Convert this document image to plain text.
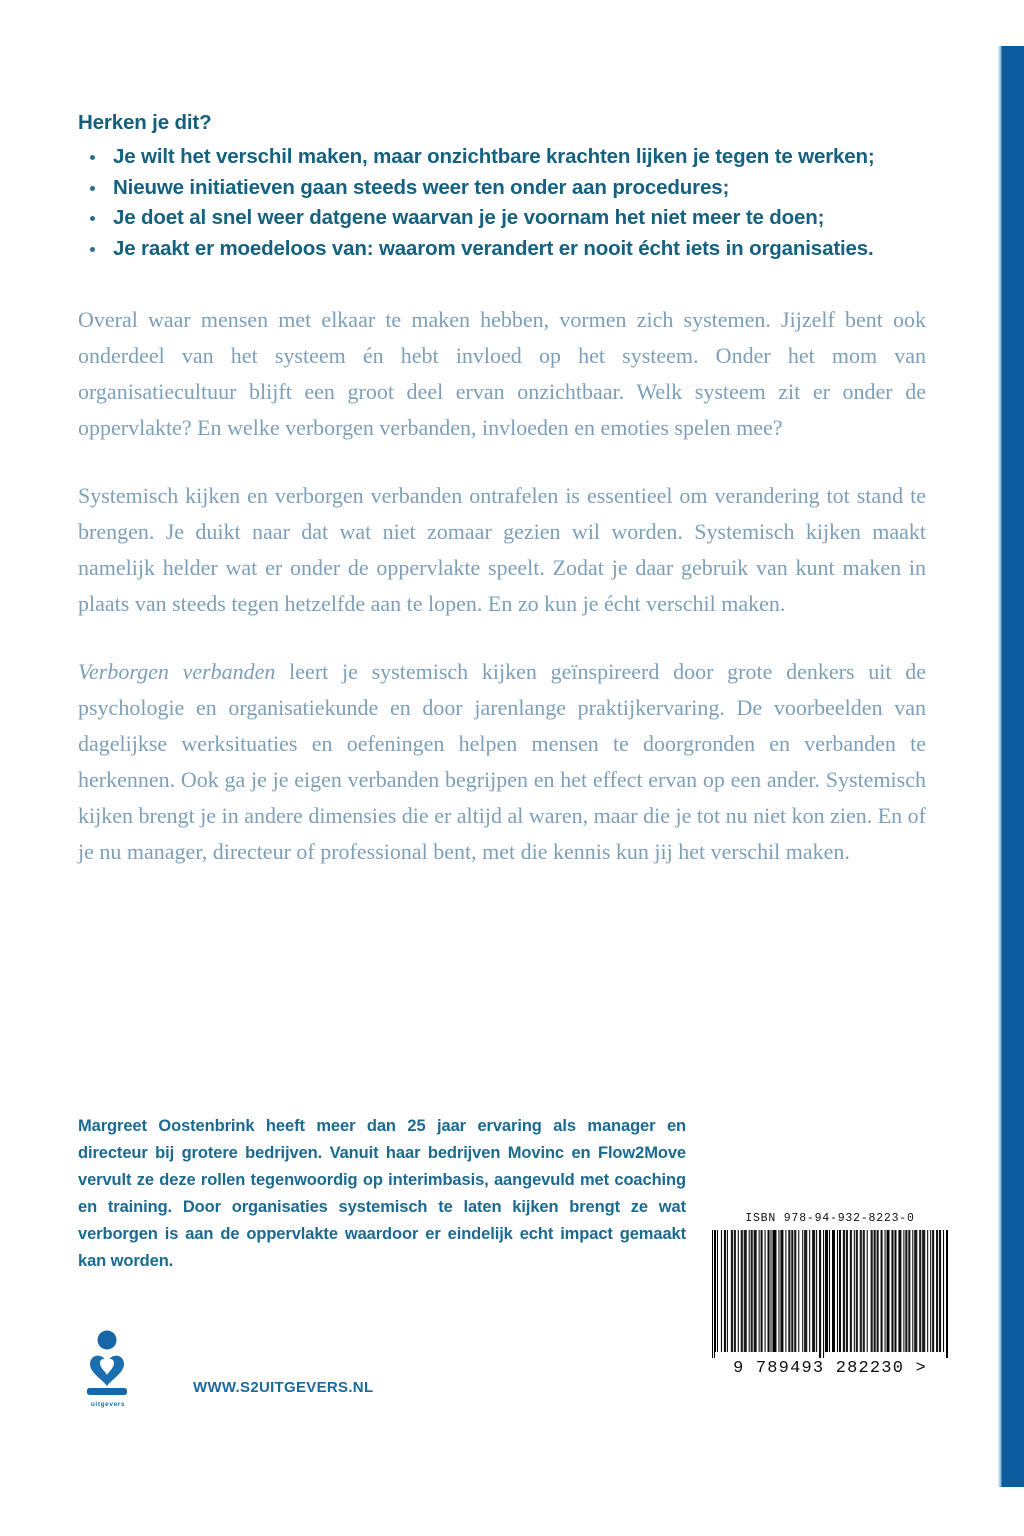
Herken je dit?

Je wilt het verschil maken, maar onzichtbare krachten lijken je tegen te werken;
Nieuwe initiatieven gaan steeds weer ten onder aan procedures;
Je doet al snel weer datgene waarvan je je voornam het niet meer te doen;
Je raakt er moedeloos van: waarom verandert er nooit écht iets in organisaties.

Overal waar mensen met elkaar te maken hebben, vormen zich systemen. Jijzelf bent ook onderdeel van het systeem én hebt invloed op het systeem. Onder het mom van organisatiecultuur blijft een groot deel ervan onzichtbaar. Welk systeem zit er onder de oppervlakte? En welke verborgen verbanden, invloeden en emoties spelen mee?

Systemisch kijken en verborgen verbanden ontrafelen is essentieel om verandering tot stand te brengen. Je duikt naar dat wat niet zomaar gezien wil worden. Systemisch kijken maakt namelijk helder wat er onder de oppervlakte speelt. Zodat je daar gebruik van kunt maken in plaats van steeds tegen hetzelfde aan te lopen. En zo kun je écht verschil maken.

Verborgen verbanden leert je systemisch kijken geïnspireerd door grote denkers uit de psychologie en organisatiekunde en door jarenlange praktijkervaring. De voorbeelden van dagelijkse werksituaties en oefeningen helpen mensen te doorgronden en verbanden te herkennen. Ook ga je je eigen verbanden begrijpen en het effect ervan op een ander. Systemisch kijken brengt je in andere dimensies die er altijd al waren, maar die je tot nu niet kon zien. En of je nu manager, directeur of professional bent, met die kennis kun jij het verschil maken.

Margreet Oostenbrink heeft meer dan 25 jaar ervaring als manager en directeur bij grotere bedrijven. Vanuit haar bedrijven Movinc en Flow2Move vervult ze deze rollen tegenwoordig op interimbasis, aangevuld met coaching en training. Door organisaties systemisch te laten kijken brengt ze wat verborgen is aan de oppervlakte waardoor er eindelijk echt impact gemaakt kan worden.

uitgevers
WWW.S2UITGEVERS.NL
ISBN 978-94-932-8223-0
9 789493 282230 >
